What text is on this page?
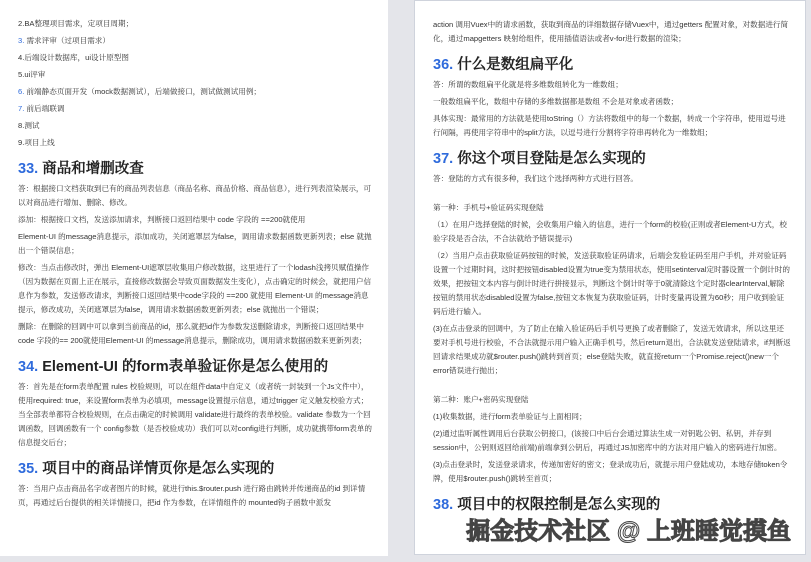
2.BA整理项目需求，定项目周期；
3. 需求评审（过项目需求）
4.后端设计数据库，ui设计原型图
5.ui评审
6. 前端静态页面开发（mock数据测试），后端做接口，测试做测试用例；
7. 前后端联调
8.测试
9.项目上线
33. 商品和增删改查
答：根据接口文档获取到已有的商品列表信息（商品名称、商品价格、商品信息），进行列表渲染展示，可以对商品进行增加、删除、修改。
添加：根据接口文档，发送添加请求，判断接口返回结果中 code 字段的 ==200就使用
Element-UI 的message消息提示，添加成功，关闭遮罩层为false，调用请求数据函数更新列表；else 就抛出一个错误信息；
修改：当点击修改时，弹出 Element-UI遮罩层收集用户修改数据，这里进行了一个lodash浅拷贝赋值操作（因为数据在页面上正在展示，直接修改数据会导致页面数据发生变化），点击确定的时候会，就把用户信息作为参数，发送修改请求，判断接口返回结果中code字段的 ==200 就使用 Element-UI 的message消息提示，修改成功，关闭遮罩层为false，调用请求数据函数更新列表；else 就抛出一个错误；
删除：在删除的回调中可以拿到当前商品的id，那么就把id作为参数发送删除请求，判断接口返回结果中code 字段的== 200就使用Element-UI 的message消息提示，删除成功，调用请求数据函数来更新列表；
34. Element-UI 的form表单验证你是怎么使用的
答：首先是在form表单配置 rules 校验规则，可以在组件data中自定义（或者统一封装到一个Js文件中），使用required: true，来设置form表单为必填项，message设置提示信息，通过trigger 定义触发校验方式；当全部表单都符合校验规则，在点击确定的时候调用 validate进行最终的表单校验。validate 参数为一个回调函数，回调函数有一个 config参数（是否校验成功）我们可以对config进行判断，成功就携带form表单的信息提交后台；
35. 项目中的商品详情页你是怎么实现的
答：当用户点击商品名字或者图片的时候，就进行this.$router.push 进行路由跳转并传递商品的id 到详情页，再通过后台提供的相关详情接口，把id 作为参数，在详情组件的 mounted钩子函数中派发
action 调用Vuex中的请求函数，获取到商品的详细数据存储Vuex中，通过getters 配置对象，对数据进行简化，通过mapgetters 映射给组件，使用插值语法或者v-for进行数据的渲染；
36. 什么是数组扁平化
答：所谓的数组扁平化就是将多维数组转化为一维数组；
一般数组扁平化，数组中存储的多维数据都是数组 不会是对象或者函数；
具体实现：最常用的方法就是使用toString（）方法将数组中的每一个数据，转成一个字符串，使用逗号进行间隔，再使用字符串中的split方法，以逗号进行分割将字符串再转化为一维数组；
37. 你这个项目登陆是怎么实现的
答：登陆的方式有很多种，我们这个选择两种方式进行回答。
第一种：手机号+验证码实现登陆
（1）在用户选择登陆的时候，会收集用户输入的信息，进行一个form的校验(正则或者Element-U方式，校验字段是否合法，不合法就给予错误提示)
（2）当用户点击获取验证码按钮的时候，发送获取验证码请求，后端会发验证码至用户手机，并对验证码设置一个过期时间，这时把按钮disabled设置为true变为禁用状态，使用setinterval定时器设置一个倒计时的效果，把按钮文本内容与倒计时进行拼接显示，判断这个倒计时等于0就清除这个定时器clearInterval,解除按钮的禁用状态disabled设置为false,按钮文本恢复为获取验证码，计时变量再设置为60秒；用户收到验证码后进行输入。
(3)在点击登录的回调中，为了防止在输入验证码后手机号更换了或者删除了，发送无效请求，所以这里还要对手机号进行校验，不合法就提示用户输入正确手机号，然后return退出，合法就发送登陆请求，if判断返回请求结果成功就$router.push()跳转到首页；else登陆失败，就直接return一个Promise.reject()new一个error错误进行抛出；
第二种：账户+密码实现登陆
(1)收集数据，进行form表单验证与上面相同；
(2)通过监听属性调用后台获取公钥接口，(该接口中后台会通过算法生成一对钥匙公钥、私钥，并存到session中，公钥则返回给前端)前端拿到公钥后，再通过JS加密库中的方法对用户输入的密码进行加密。
(3)点击登录时，发送登录请求，传递加密好的密文；登录成功后，就提示用户登陆成功，本地存储token令牌，使用$router.push()跳转至首页；
38. 项目中的权限控制是怎么实现的
掘金技术社区 @ 上班睡觉摸鱼
